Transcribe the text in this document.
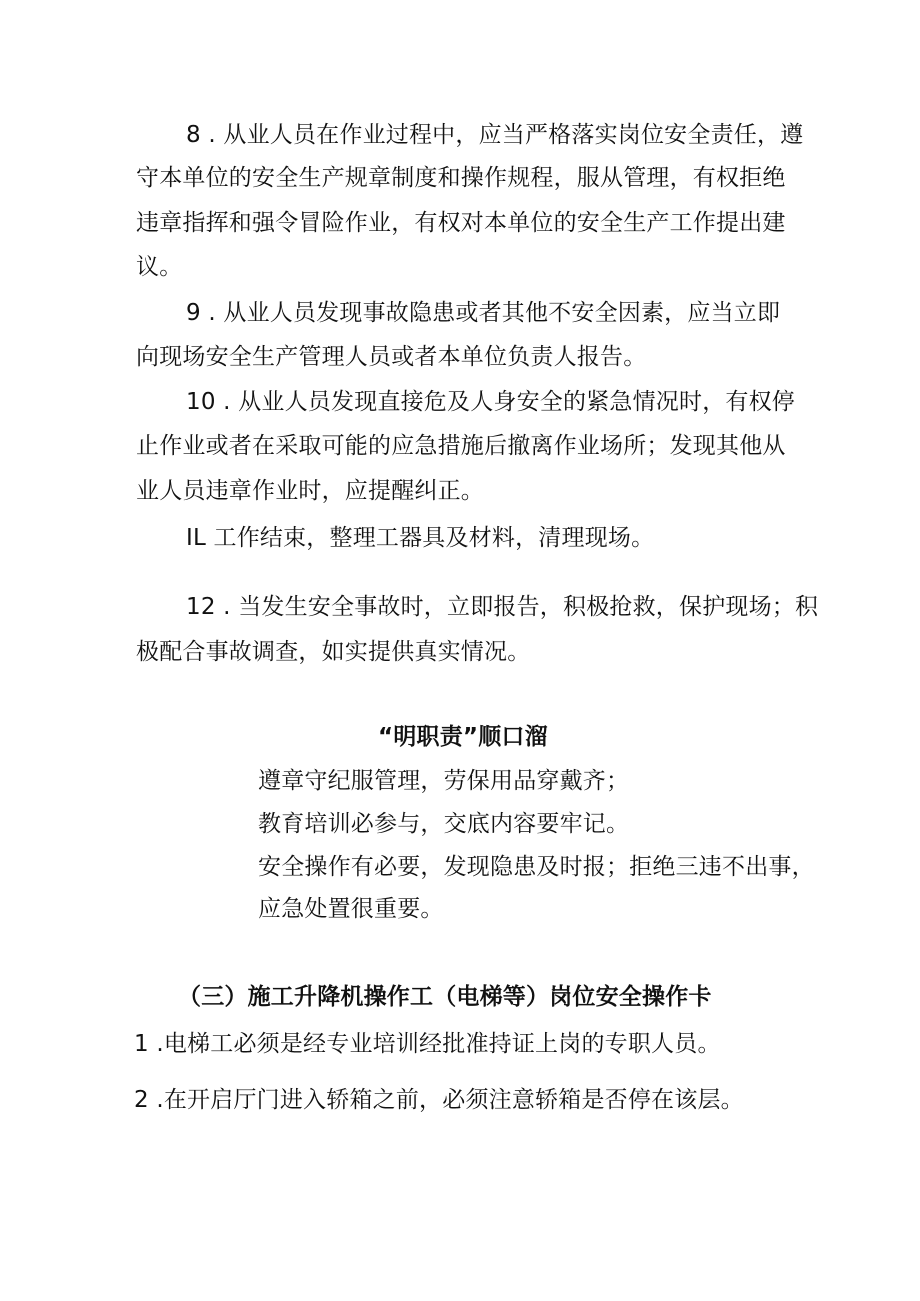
8 . 从业人员在作业过程中，应当严格落实岗位安全责任，遵
守本单位的安全生产规章制度和操作规程，服从管理，有权拒绝
违章指挥和强令冒险作业，有权对本单位的安全生产工作提出建
议。
9 . 从业人员发现事故隐患或者其他不安全因素，应当立即
向现场安全生产管理人员或者本单位负责人报告。
10 . 从业人员发现直接危及人身安全的紧急情况时，有权停
止作业或者在采取可能的应急措施后撤离作业场所；发现其他从
业人员违章作业时，应提醒纠正。
IL 工作结束，整理工器具及材料，清理现场。
12 . 当发生安全事故时，立即报告，积极抢救，保护现场；积
极配合事故调查，如实提供真实情况。
“明职责”顺口溜
遵章守纪服管理，劳保用品穿戴齐；
教育培训必参与，交底内容要牢记。
安全操作有必要，发现隐患及时报；拒绝三违不出事，
应急处置很重要。
（三）施工升降机操作工（电梯等）岗位安全操作卡
1 .电梯工必须是经专业培训经批准持证上岗的专职人员。
2 .在开启厅门进入轿箱之前，必须注意轿箱是否停在该层。
